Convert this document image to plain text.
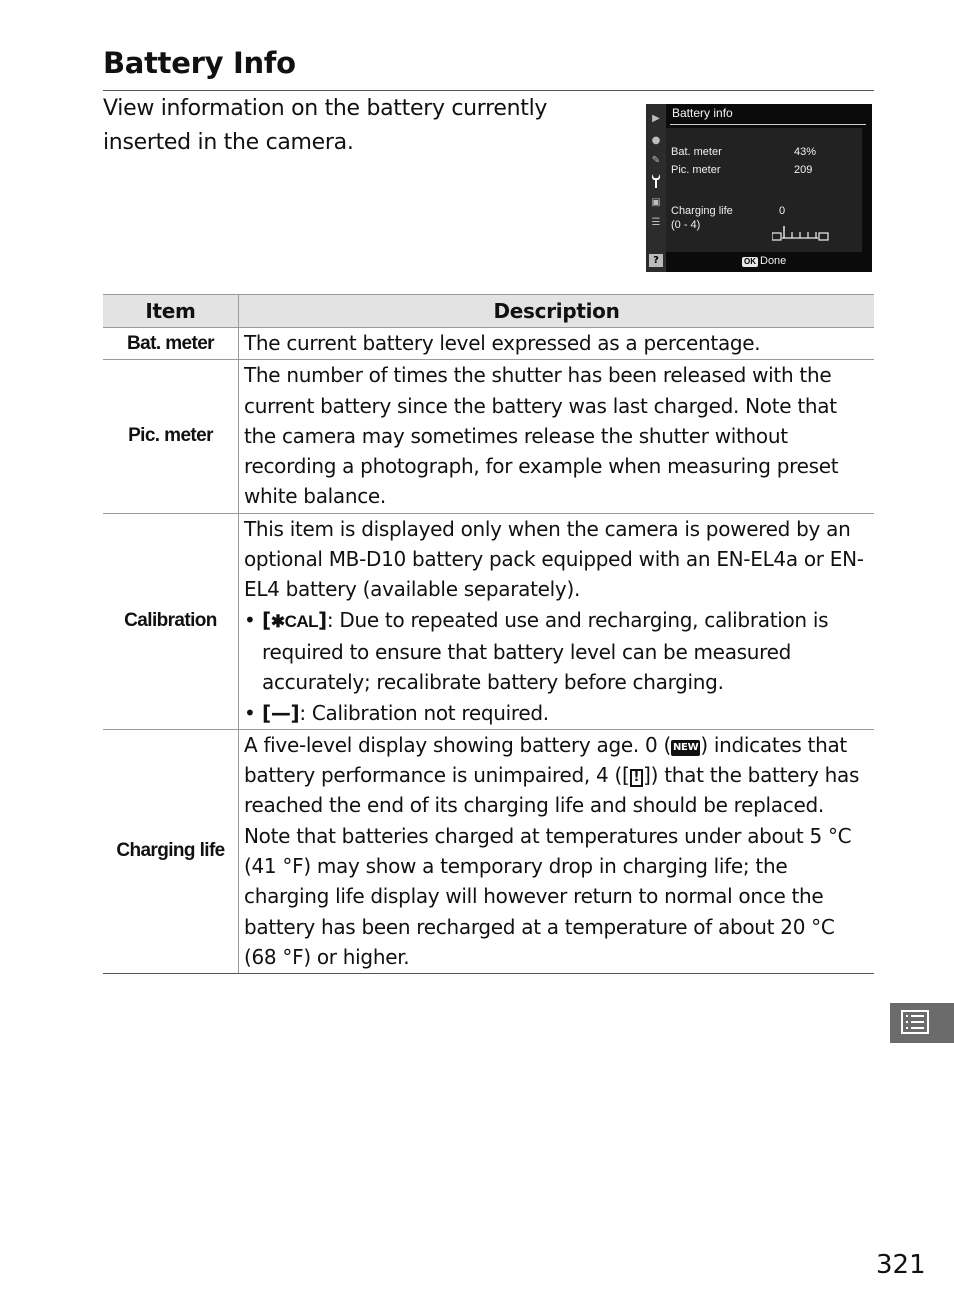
Battery Info
View information on the battery currently inserted in the camera.
▶
●
✎
▣
☰
?
Battery info
Bat. meter	43%
Pic. meter	209
Charging life
(0 - 4)
0
OK Done
Item	Description
Bat. meter	The current battery level expressed as a percentage.
Pic. meter	The number of times the shutter has been released with the current battery since the battery was last charged. Note that the camera may sometimes release the shutter without recording a photograph, for example when measuring preset white balance.
Calibration	This item is displayed only when the camera is powered by an optional MB-D10 battery pack equipped with an EN-EL4a or EN-EL4 battery (available separately).
• [✱CAL]: Due to repeated use and recharging, calibration is required to ensure that battery level can be measured accurately; recalibrate battery before charging.
• [—]: Calibration not required.

Charging life	A five-level display showing battery age. 0 ( NEW ) indicates that battery performance is unimpaired, 4 ([ ! ]) that the battery has reached the end of its charging life and should be replaced. Note that batteries charged at temperatures under about 5 °C (41 °F) may show a temporary drop in charging life; the charging life display will however return to normal once the battery has been recharged at a temperature of about 20 °C (68 °F) or higher.
321
